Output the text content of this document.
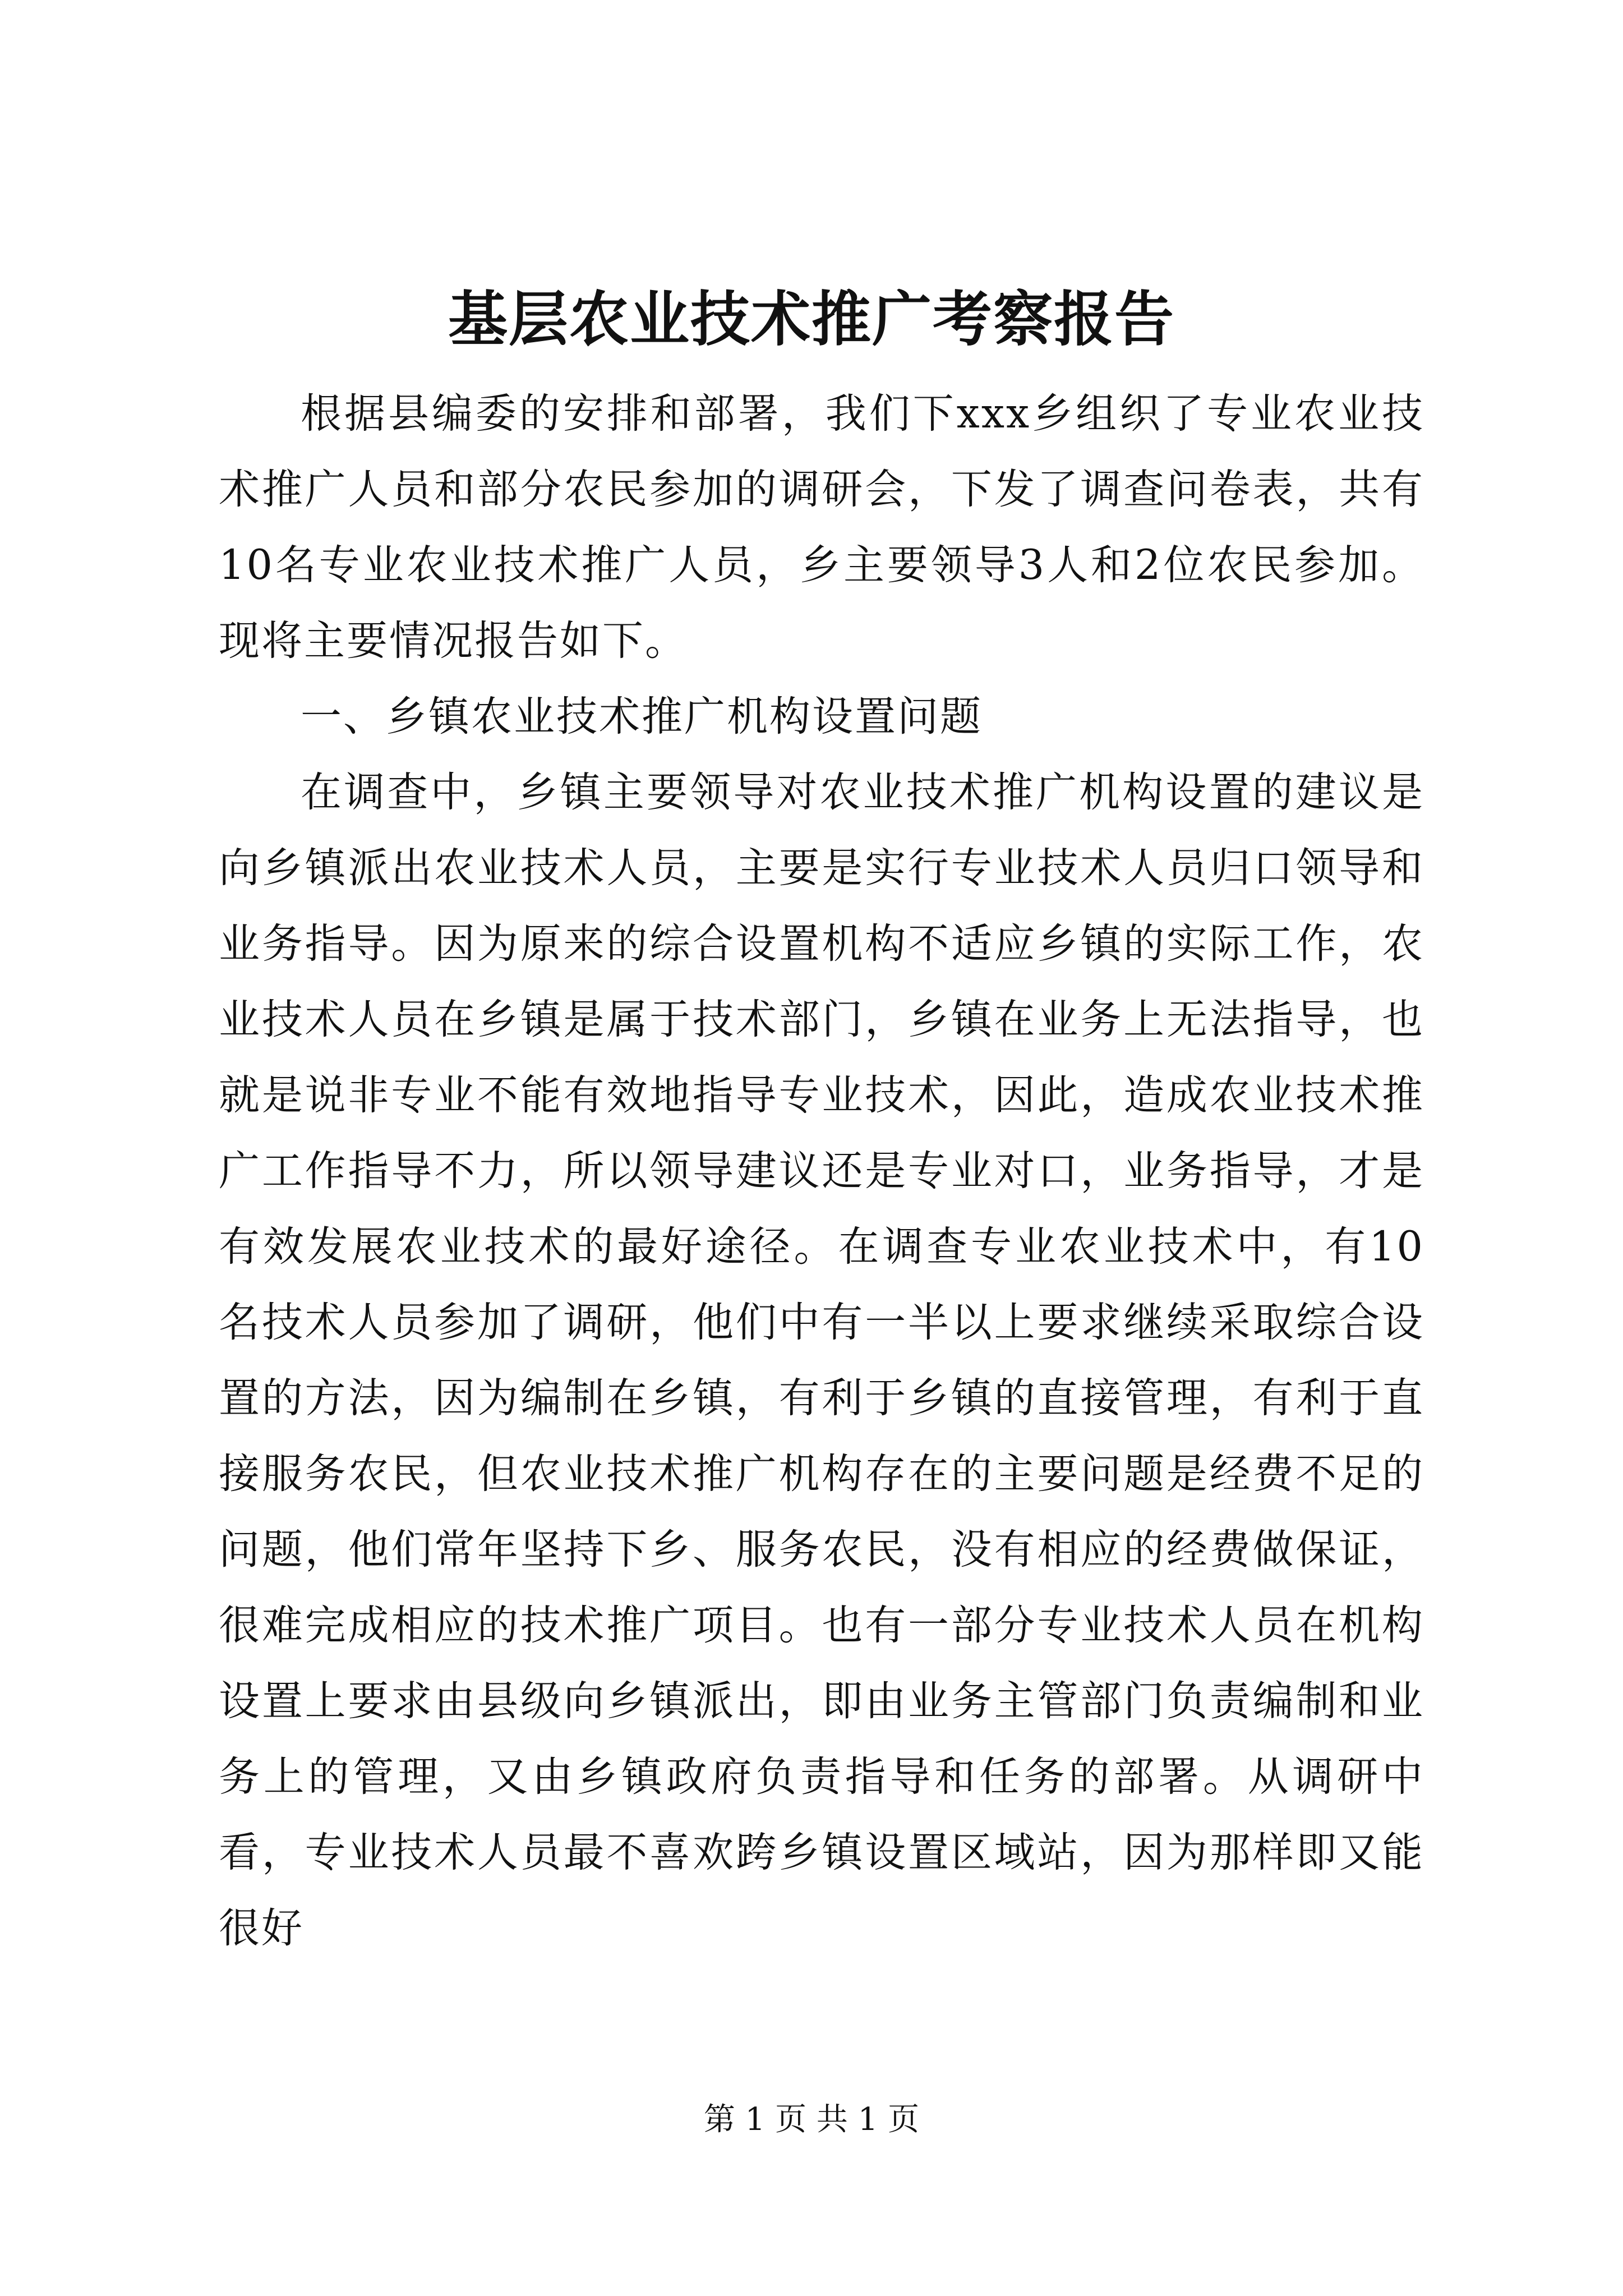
基层农业技术推广考察报告

根据县编委的安排和部署，我们下xxx乡组织了专业农业技术推广人员和部分农民参加的调研会，下发了调查问卷表，共有10名专业农业技术推广人员，乡主要领导3人和2位农民参加。现将主要情况报告如下。

一、乡镇农业技术推广机构设置问题

在调查中，乡镇主要领导对农业技术推广机构设置的建议是向乡镇派出农业技术人员，主要是实行专业技术人员归口领导和业务指导。因为原来的综合设置机构不适应乡镇的实际工作，农业技术人员在乡镇是属于技术部门，乡镇在业务上无法指导，也就是说非专业不能有效地指导专业技术，因此，造成农业技术推广工作指导不力，所以领导建议还是专业对口，业务指导，才是有效发展农业技术的最好途径。在调查专业农业技术中，有10名技术人员参加了调研，他们中有一半以上要求继续采取综合设置的方法，因为编制在乡镇，有利于乡镇的直接管理，有利于直接服务农民，但农业技术推广机构存在的主要问题是经费不足的问题，他们常年坚持下乡、服务农民，没有相应的经费做保证，很难完成相应的技术推广项目。也有一部分专业技术人员在机构设置上要求由县级向乡镇派出，即由业务主管部门负责编制和业务上的管理，又由乡镇政府负责指导和任务的部署。从调研中看，专业技术人员最不喜欢跨乡镇设置区域站，因为那样即又能很好

第 1 页 共 1 页
